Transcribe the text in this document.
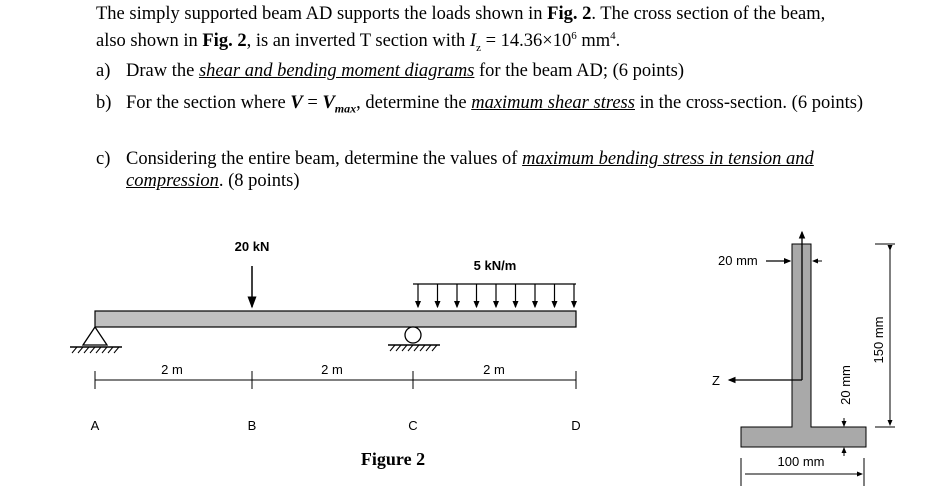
The simply supported beam AD supports the loads shown in Fig. 2. The cross section of the beam,
also shown in Fig. 2, is an inverted T section with $I_z = 14.36\times 10^6$ $mm^4$.
a) Draw the shear and bending moment diagrams for the beam AD; (6 points)
b) For the section where $V = V_{max}$, determine the maximum shear stress in the cross-section. (6 points)
c) Considering the entire beam, determine the values of maximum bending stress in tension and compression. (8 points)
20 kN
5 kN/m
2 m	2 m	2 m
A	B	C	D
Figure 2
Z
20 mm
150 mm
20 mm
100 mm
